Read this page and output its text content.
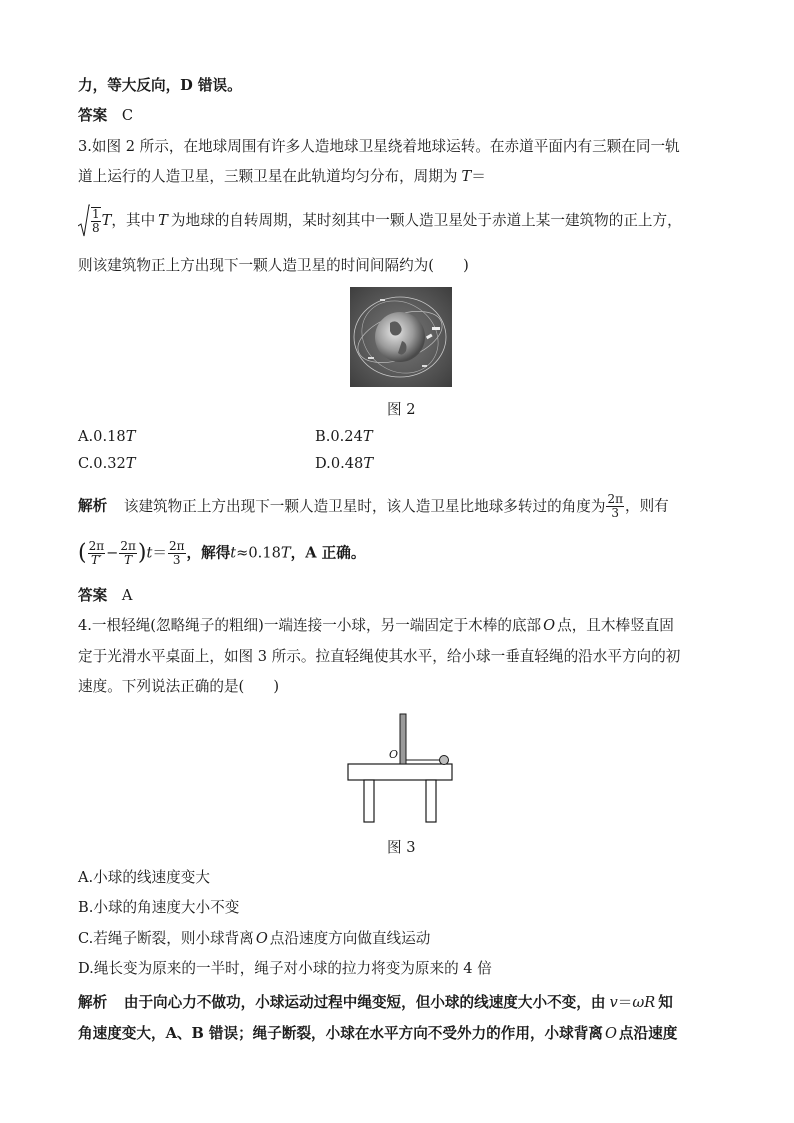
力，等大反向，D 错误。
答案 C
3.如图 2 所示，在地球周围有许多人造地球卫星绕着地球运转。在赤道平面内有三颗在同一轨
道上运行的人造卫星，三颗卫星在此轨道均匀分布，周期为 T＝
$\frac{1}{8}$ T，其中 T 为地球的自转周期，某时刻其中一颗人造卫星处于赤道上某一建筑物的正上方，
则该建筑物正上方出现下一颗人造卫星的时间间隔约为(　　)
图 2
A.0.18T	B.0.24T
C.0.32T	D.0.48T
解析 该建筑物正上方出现下一颗人造卫星时，该人造卫星比地球多转过的角度为 $\frac{2\pi}{3}$ ，则有
( $\frac{2\pi}{T'} - \frac{2\pi}{T} )t= \frac{2\pi}{3}$ ，解得t≈0.18T，A 正确。
答案 A
4.一根轻绳(忽略绳子的粗细)一端连接一小球，另一端固定于木棒的底部 O 点，且木棒竖直固
定于光滑水平桌面上，如图 3 所示。拉直轻绳使其水平，给小球一垂直轻绳的沿水平方向的初
速度。下列说法正确的是(　　)
O
图 3
A.小球的线速度变大
B.小球的角速度大小不变
C.若绳子断裂，则小球背离 O 点沿速度方向做直线运动
D.绳长变为原来的一半时，绳子对小球的拉力将变为原来的 4 倍
解析 由于向心力不做功，小球运动过程中绳变短，但小球的线速度大小不变，由 v＝ωR 知
角速度变大，A、B 错误；绳子断裂，小球在水平方向不受外力的作用，小球背离 O 点沿速度
